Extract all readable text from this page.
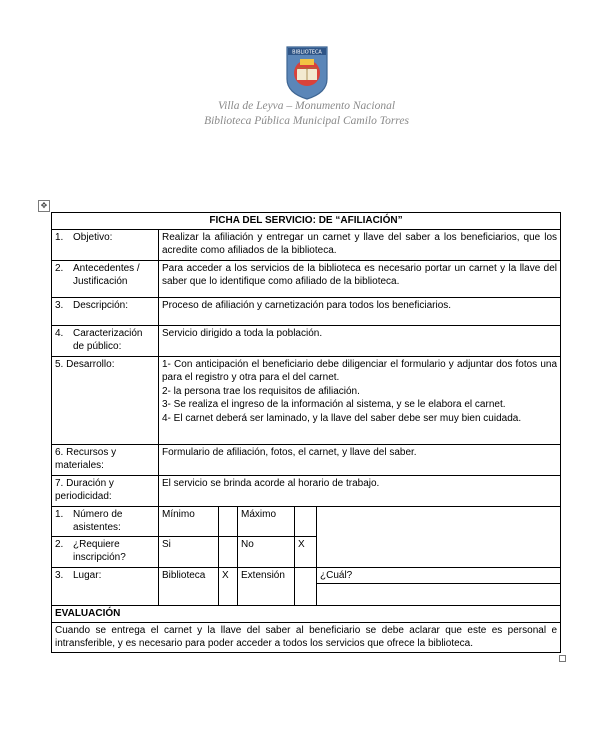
BIBLIOTECA
Villa de Leyva – Monumento Nacional
Biblioteca Pública Municipal Camilo Torres
✥
FICHA DEL SERVICIO: DE “AFILIACIÓN”					

1. Objetivo:	Realizar la afiliación y entregar un carnet y llave del saber a los beneficiarios, que los acredite como afiliados de la biblioteca.				

2. Antecedentes / Justificación	Para acceder a los servicios de la biblioteca es necesario portar un carnet y la llave del saber que lo identifique como afiliado de la biblioteca.				

3. Descripción:	Proceso de afiliación y carnetización para todos los beneficiarios.				

4. Caracterización de público:	Servicio dirigido a toda la población.				
5. Desarrollo:	1- Con anticipación el beneficiario debe diligenciar el formulario y adjuntar dos fotos una para el registro y otra para el del carnet.
2- la persona trae los requisitos de afiliación.
3- Se realiza el ingreso de la información al sistema, y se le elabora el carnet.
4- El carnet deberá ser laminado, y la llave del saber debe ser muy bien cuidada.				

6. Recursos y materiales:	Formulario de afiliación, fotos, el carnet, y llave del saber.				
7. Duración y periodicidad:	El servicio se brinda acorde al horario de trabajo.				

1. Número de asistentes:	Mínimo		Máximo		

2. ¿Requiere inscripción?	Si		No	X	

3. Lugar:	Biblioteca	X	Extensión		¿Cuál?

EVALUACIÓN					
Cuando se entrega el carnet y la llave del saber al beneficiario se debe aclarar que este es personal e intransferible, y es necesario para poder acceder a todos los servicios que ofrece la biblioteca.					
